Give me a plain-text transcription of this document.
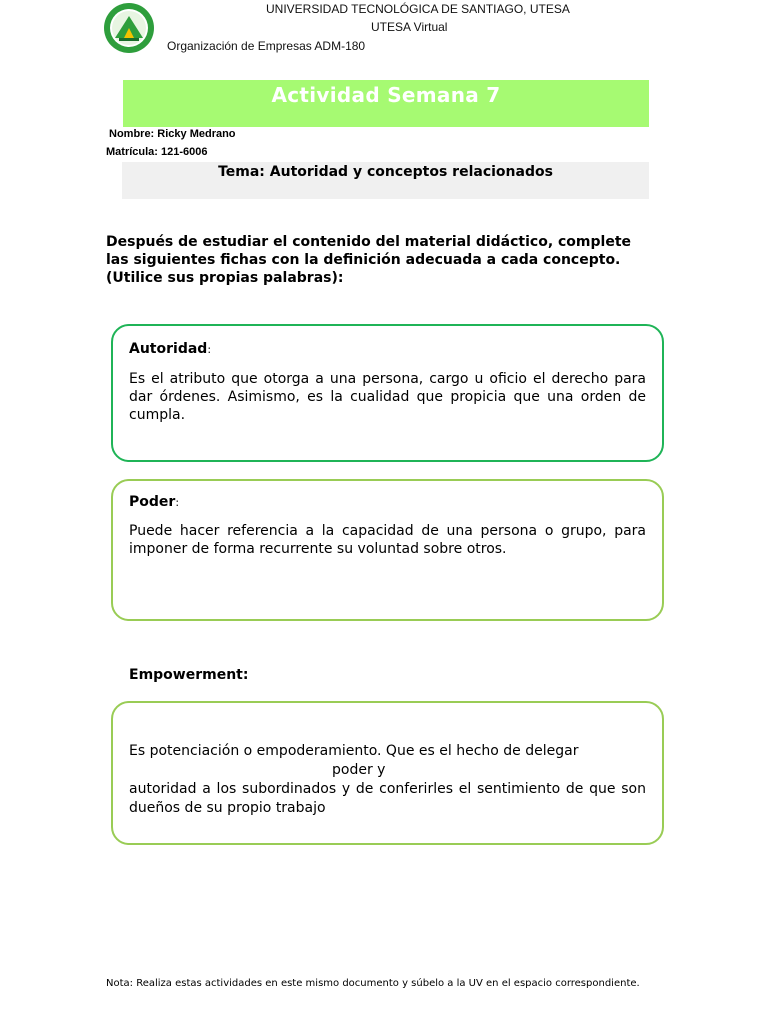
UNIVERSIDAD TECNOLÓGICA DE SANTIAGO, UTESA
UTESA Virtual
Organización de Empresas ADM-180
Actividad Semana 7
Nombre: Ricky Medrano
Matrícula: 121-6006
Tema: Autoridad y conceptos relacionados
Después de estudiar el contenido del material didáctico, complete las siguientes fichas con la definición adecuada a cada concepto. (Utilice sus propias palabras):
Autoridad:
Es el atributo que otorga a una persona, cargo u oficio el derecho para dar órdenes. Asimismo, es la cualidad que propicia que una orden de cumpla.
Poder:
Puede hacer referencia a la capacidad de una persona o grupo, para imponer de forma recurrente su voluntad sobre otros.
Empowerment:
Es potenciación o empoderamiento. Que es el hecho de delegar
poder y
autoridad a los subordinados y de conferirles el sentimiento de que son dueños de su propio trabajo
Nota: Realiza estas actividades en este mismo documento y súbelo a la UV en el espacio correspondiente.
